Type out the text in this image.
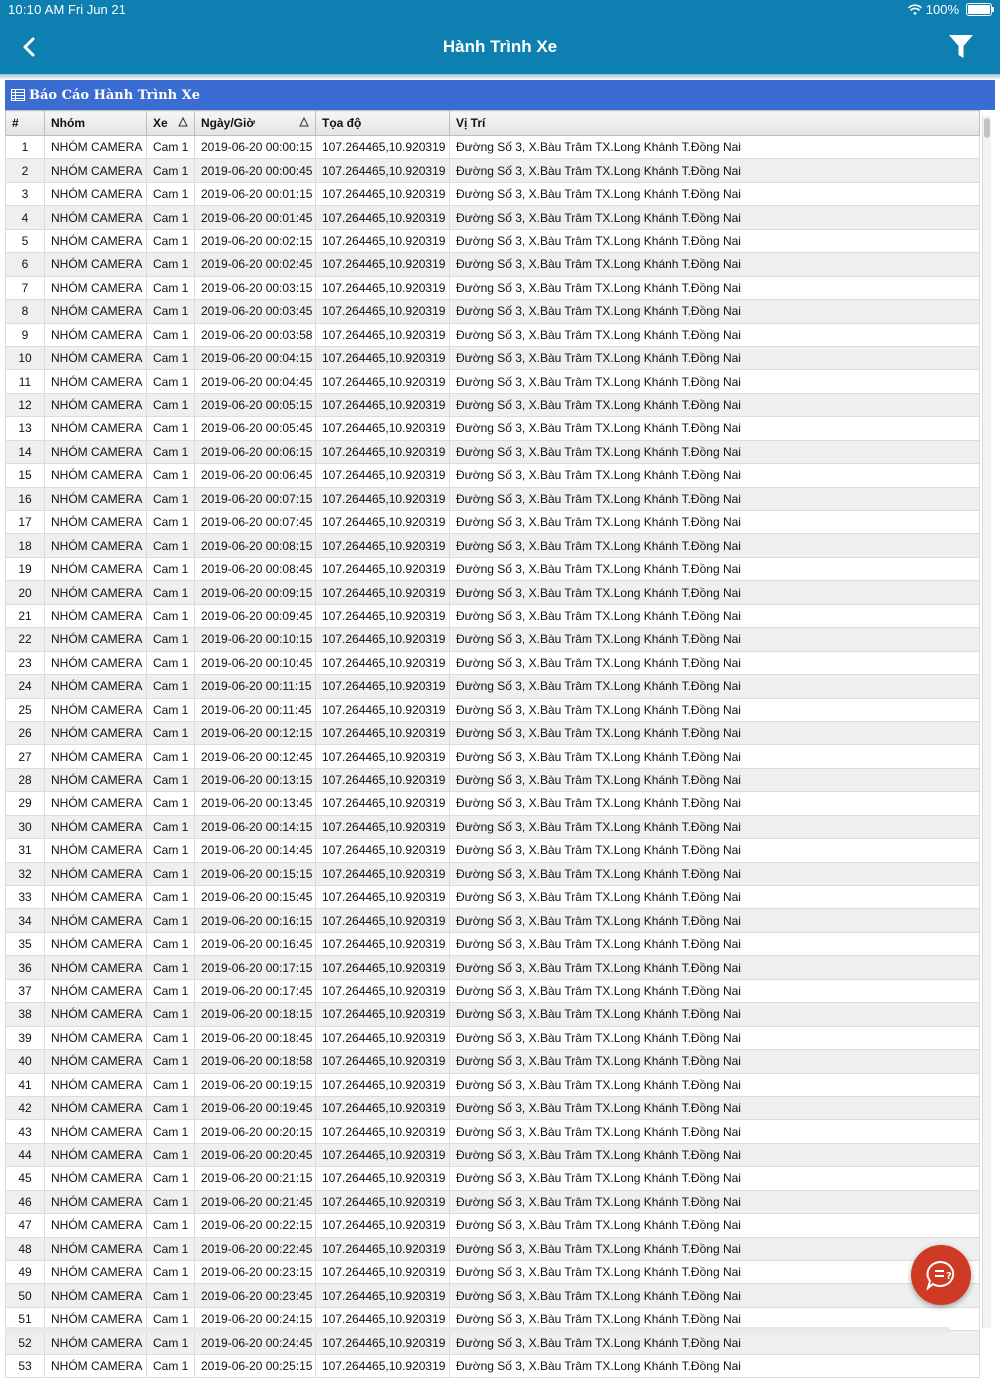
10:10 AM Fri Jun 21	100%
Hành Trình Xe
Báo Cáo Hành Trình Xe
#	Nhóm	Xe	Ngày/Giờ	Tọa độ	Vị Trí
1	NHÓM CAMERA	Cam 1	2019-06-20 00:00:15	107.264465,10.920319	Đường Số 3, X.Bàu Trâm TX.Long Khánh T.Đồng Nai
2	NHÓM CAMERA	Cam 1	2019-06-20 00:00:45	107.264465,10.920319	Đường Số 3, X.Bàu Trâm TX.Long Khánh T.Đồng Nai
3	NHÓM CAMERA	Cam 1	2019-06-20 00:01:15	107.264465,10.920319	Đường Số 3, X.Bàu Trâm TX.Long Khánh T.Đồng Nai
4	NHÓM CAMERA	Cam 1	2019-06-20 00:01:45	107.264465,10.920319	Đường Số 3, X.Bàu Trâm TX.Long Khánh T.Đồng Nai
5	NHÓM CAMERA	Cam 1	2019-06-20 00:02:15	107.264465,10.920319	Đường Số 3, X.Bàu Trâm TX.Long Khánh T.Đồng Nai
6	NHÓM CAMERA	Cam 1	2019-06-20 00:02:45	107.264465,10.920319	Đường Số 3, X.Bàu Trâm TX.Long Khánh T.Đồng Nai
7	NHÓM CAMERA	Cam 1	2019-06-20 00:03:15	107.264465,10.920319	Đường Số 3, X.Bàu Trâm TX.Long Khánh T.Đồng Nai
8	NHÓM CAMERA	Cam 1	2019-06-20 00:03:45	107.264465,10.920319	Đường Số 3, X.Bàu Trâm TX.Long Khánh T.Đồng Nai
9	NHÓM CAMERA	Cam 1	2019-06-20 00:03:58	107.264465,10.920319	Đường Số 3, X.Bàu Trâm TX.Long Khánh T.Đồng Nai
10	NHÓM CAMERA	Cam 1	2019-06-20 00:04:15	107.264465,10.920319	Đường Số 3, X.Bàu Trâm TX.Long Khánh T.Đồng Nai
11	NHÓM CAMERA	Cam 1	2019-06-20 00:04:45	107.264465,10.920319	Đường Số 3, X.Bàu Trâm TX.Long Khánh T.Đồng Nai
12	NHÓM CAMERA	Cam 1	2019-06-20 00:05:15	107.264465,10.920319	Đường Số 3, X.Bàu Trâm TX.Long Khánh T.Đồng Nai
13	NHÓM CAMERA	Cam 1	2019-06-20 00:05:45	107.264465,10.920319	Đường Số 3, X.Bàu Trâm TX.Long Khánh T.Đồng Nai
14	NHÓM CAMERA	Cam 1	2019-06-20 00:06:15	107.264465,10.920319	Đường Số 3, X.Bàu Trâm TX.Long Khánh T.Đồng Nai
15	NHÓM CAMERA	Cam 1	2019-06-20 00:06:45	107.264465,10.920319	Đường Số 3, X.Bàu Trâm TX.Long Khánh T.Đồng Nai
16	NHÓM CAMERA	Cam 1	2019-06-20 00:07:15	107.264465,10.920319	Đường Số 3, X.Bàu Trâm TX.Long Khánh T.Đồng Nai
17	NHÓM CAMERA	Cam 1	2019-06-20 00:07:45	107.264465,10.920319	Đường Số 3, X.Bàu Trâm TX.Long Khánh T.Đồng Nai
18	NHÓM CAMERA	Cam 1	2019-06-20 00:08:15	107.264465,10.920319	Đường Số 3, X.Bàu Trâm TX.Long Khánh T.Đồng Nai
19	NHÓM CAMERA	Cam 1	2019-06-20 00:08:45	107.264465,10.920319	Đường Số 3, X.Bàu Trâm TX.Long Khánh T.Đồng Nai
20	NHÓM CAMERA	Cam 1	2019-06-20 00:09:15	107.264465,10.920319	Đường Số 3, X.Bàu Trâm TX.Long Khánh T.Đồng Nai
21	NHÓM CAMERA	Cam 1	2019-06-20 00:09:45	107.264465,10.920319	Đường Số 3, X.Bàu Trâm TX.Long Khánh T.Đồng Nai
22	NHÓM CAMERA	Cam 1	2019-06-20 00:10:15	107.264465,10.920319	Đường Số 3, X.Bàu Trâm TX.Long Khánh T.Đồng Nai
23	NHÓM CAMERA	Cam 1	2019-06-20 00:10:45	107.264465,10.920319	Đường Số 3, X.Bàu Trâm TX.Long Khánh T.Đồng Nai
24	NHÓM CAMERA	Cam 1	2019-06-20 00:11:15	107.264465,10.920319	Đường Số 3, X.Bàu Trâm TX.Long Khánh T.Đồng Nai
25	NHÓM CAMERA	Cam 1	2019-06-20 00:11:45	107.264465,10.920319	Đường Số 3, X.Bàu Trâm TX.Long Khánh T.Đồng Nai
26	NHÓM CAMERA	Cam 1	2019-06-20 00:12:15	107.264465,10.920319	Đường Số 3, X.Bàu Trâm TX.Long Khánh T.Đồng Nai
27	NHÓM CAMERA	Cam 1	2019-06-20 00:12:45	107.264465,10.920319	Đường Số 3, X.Bàu Trâm TX.Long Khánh T.Đồng Nai
28	NHÓM CAMERA	Cam 1	2019-06-20 00:13:15	107.264465,10.920319	Đường Số 3, X.Bàu Trâm TX.Long Khánh T.Đồng Nai
29	NHÓM CAMERA	Cam 1	2019-06-20 00:13:45	107.264465,10.920319	Đường Số 3, X.Bàu Trâm TX.Long Khánh T.Đồng Nai
30	NHÓM CAMERA	Cam 1	2019-06-20 00:14:15	107.264465,10.920319	Đường Số 3, X.Bàu Trâm TX.Long Khánh T.Đồng Nai
31	NHÓM CAMERA	Cam 1	2019-06-20 00:14:45	107.264465,10.920319	Đường Số 3, X.Bàu Trâm TX.Long Khánh T.Đồng Nai
32	NHÓM CAMERA	Cam 1	2019-06-20 00:15:15	107.264465,10.920319	Đường Số 3, X.Bàu Trâm TX.Long Khánh T.Đồng Nai
33	NHÓM CAMERA	Cam 1	2019-06-20 00:15:45	107.264465,10.920319	Đường Số 3, X.Bàu Trâm TX.Long Khánh T.Đồng Nai
34	NHÓM CAMERA	Cam 1	2019-06-20 00:16:15	107.264465,10.920319	Đường Số 3, X.Bàu Trâm TX.Long Khánh T.Đồng Nai
35	NHÓM CAMERA	Cam 1	2019-06-20 00:16:45	107.264465,10.920319	Đường Số 3, X.Bàu Trâm TX.Long Khánh T.Đồng Nai
36	NHÓM CAMERA	Cam 1	2019-06-20 00:17:15	107.264465,10.920319	Đường Số 3, X.Bàu Trâm TX.Long Khánh T.Đồng Nai
37	NHÓM CAMERA	Cam 1	2019-06-20 00:17:45	107.264465,10.920319	Đường Số 3, X.Bàu Trâm TX.Long Khánh T.Đồng Nai
38	NHÓM CAMERA	Cam 1	2019-06-20 00:18:15	107.264465,10.920319	Đường Số 3, X.Bàu Trâm TX.Long Khánh T.Đồng Nai
39	NHÓM CAMERA	Cam 1	2019-06-20 00:18:45	107.264465,10.920319	Đường Số 3, X.Bàu Trâm TX.Long Khánh T.Đồng Nai
40	NHÓM CAMERA	Cam 1	2019-06-20 00:18:58	107.264465,10.920319	Đường Số 3, X.Bàu Trâm TX.Long Khánh T.Đồng Nai
41	NHÓM CAMERA	Cam 1	2019-06-20 00:19:15	107.264465,10.920319	Đường Số 3, X.Bàu Trâm TX.Long Khánh T.Đồng Nai
42	NHÓM CAMERA	Cam 1	2019-06-20 00:19:45	107.264465,10.920319	Đường Số 3, X.Bàu Trâm TX.Long Khánh T.Đồng Nai
43	NHÓM CAMERA	Cam 1	2019-06-20 00:20:15	107.264465,10.920319	Đường Số 3, X.Bàu Trâm TX.Long Khánh T.Đồng Nai
44	NHÓM CAMERA	Cam 1	2019-06-20 00:20:45	107.264465,10.920319	Đường Số 3, X.Bàu Trâm TX.Long Khánh T.Đồng Nai
45	NHÓM CAMERA	Cam 1	2019-06-20 00:21:15	107.264465,10.920319	Đường Số 3, X.Bàu Trâm TX.Long Khánh T.Đồng Nai
46	NHÓM CAMERA	Cam 1	2019-06-20 00:21:45	107.264465,10.920319	Đường Số 3, X.Bàu Trâm TX.Long Khánh T.Đồng Nai
47	NHÓM CAMERA	Cam 1	2019-06-20 00:22:15	107.264465,10.920319	Đường Số 3, X.Bàu Trâm TX.Long Khánh T.Đồng Nai
48	NHÓM CAMERA	Cam 1	2019-06-20 00:22:45	107.264465,10.920319	Đường Số 3, X.Bàu Trâm TX.Long Khánh T.Đồng Nai
49	NHÓM CAMERA	Cam 1	2019-06-20 00:23:15	107.264465,10.920319	Đường Số 3, X.Bàu Trâm TX.Long Khánh T.Đồng Nai
50	NHÓM CAMERA	Cam 1	2019-06-20 00:23:45	107.264465,10.920319	Đường Số 3, X.Bàu Trâm TX.Long Khánh T.Đồng Nai
51	NHÓM CAMERA	Cam 1	2019-06-20 00:24:15	107.264465,10.920319	Đường Số 3, X.Bàu Trâm TX.Long Khánh T.Đồng Nai
52	NHÓM CAMERA	Cam 1	2019-06-20 00:24:45	107.264465,10.920319	Đường Số 3, X.Bàu Trâm TX.Long Khánh T.Đồng Nai
53	NHÓM CAMERA	Cam 1	2019-06-20 00:25:15	107.264465,10.920319	Đường Số 3, X.Bàu Trâm TX.Long Khánh T.Đồng Nai
?
